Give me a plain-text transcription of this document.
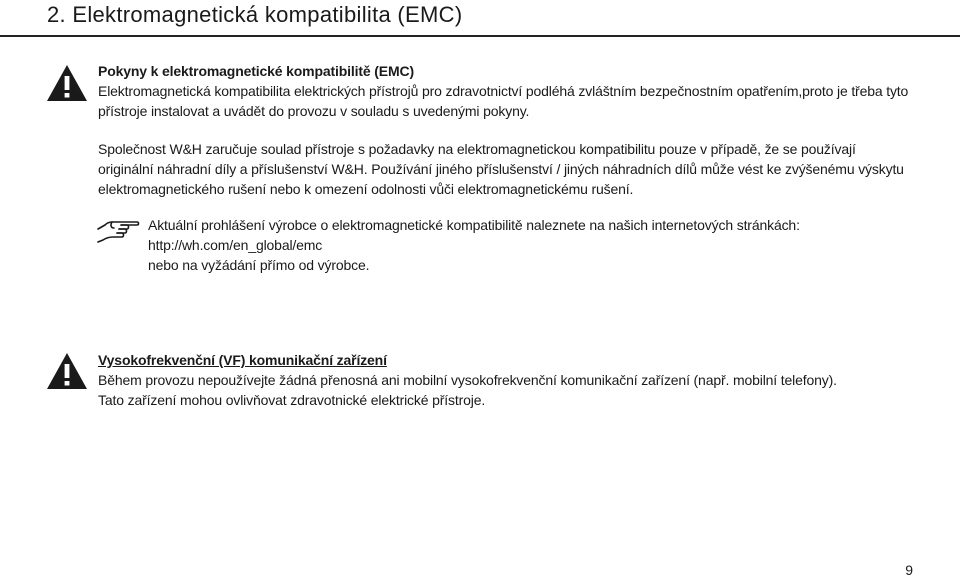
2. Elektromagnetická kompatibilita (EMC)

Pokyny k elektromagnetické kompatibilitě (EMC)

Elektromagnetická kompatibilita elektrických přístrojů pro zdravotnictví podléhá zvláštním bezpečnostním opatřením,proto je třeba tyto přístroje instalovat a uvádět do provozu v souladu s uvedenými pokyny.

Společnost W&H zaručuje soulad přístroje s požadavky na elektromagnetickou kompatibilitu pouze v případě, že se používají originální náhradní díly a příslušenství W&H. Používání jiného příslušenství / jiných náhradních dílů může vést ke zvýšenému výskytu elektromagnetického rušení nebo k omezení odolnosti vůči elektromagnetickému rušení.

Aktuální prohlášení výrobce o elektromagnetické kompatibilitě naleznete na našich internetových stránkách:

http://wh.com/en_global/emc

nebo na vyžádání přímo od výrobce.

Vysokofrekvenční (VF) komunikační zařízení

Během provozu nepoužívejte žádná přenosná ani mobilní vysokofrekvenční komunikační zařízení (např. mobilní telefony).

Tato zařízení mohou ovlivňovat zdravotnické elektrické přístroje.

9
